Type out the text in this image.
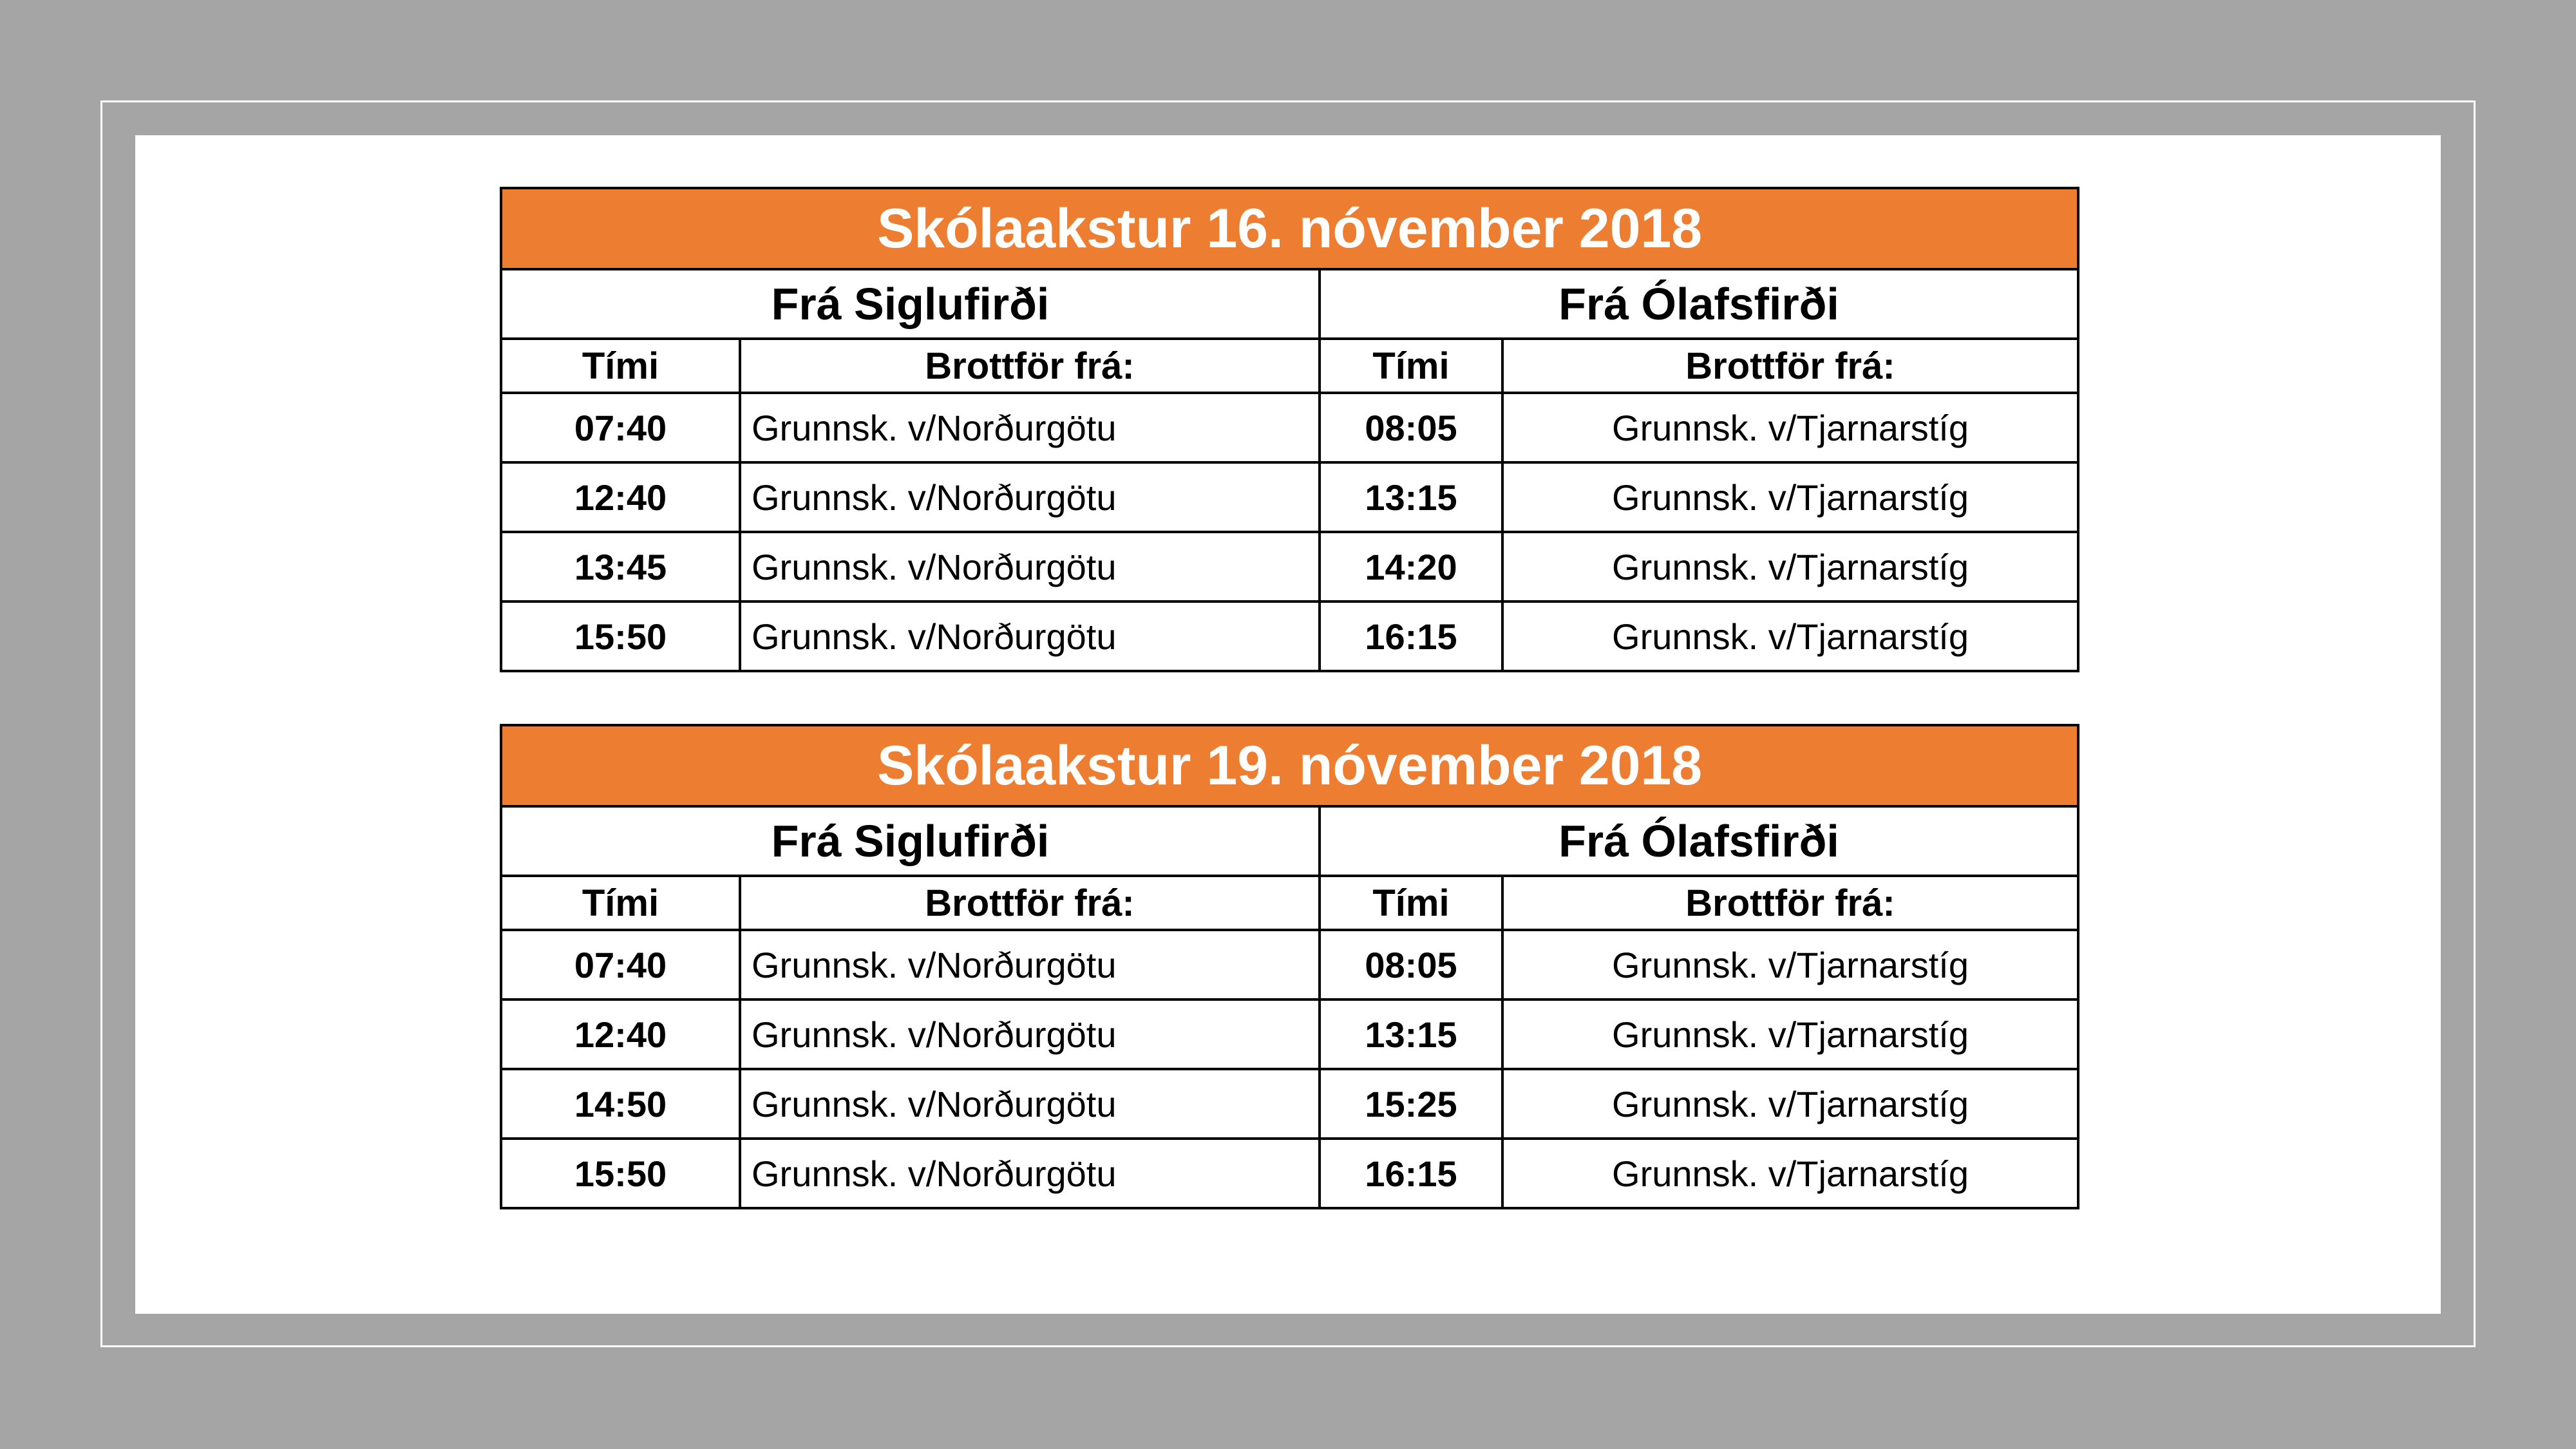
Skólaakstur 16. nóvember 2018			
Frá Siglufirði		Frá Ólafsfirði	
Tími	Brottför frá:	Tími	Brottför frá:
07:40	Grunnsk. v/Norðurgötu	08:05	Grunnsk. v/Tjarnarstíg
12:40	Grunnsk. v/Norðurgötu	13:15	Grunnsk. v/Tjarnarstíg
13:45	Grunnsk. v/Norðurgötu	14:20	Grunnsk. v/Tjarnarstíg
15:50	Grunnsk. v/Norðurgötu	16:15	Grunnsk. v/Tjarnarstíg
Skólaakstur 19. nóvember 2018			
Frá Siglufirði		Frá Ólafsfirði	
Tími	Brottför frá:	Tími	Brottför frá:
07:40	Grunnsk. v/Norðurgötu	08:05	Grunnsk. v/Tjarnarstíg
12:40	Grunnsk. v/Norðurgötu	13:15	Grunnsk. v/Tjarnarstíg
14:50	Grunnsk. v/Norðurgötu	15:25	Grunnsk. v/Tjarnarstíg
15:50	Grunnsk. v/Norðurgötu	16:15	Grunnsk. v/Tjarnarstíg
